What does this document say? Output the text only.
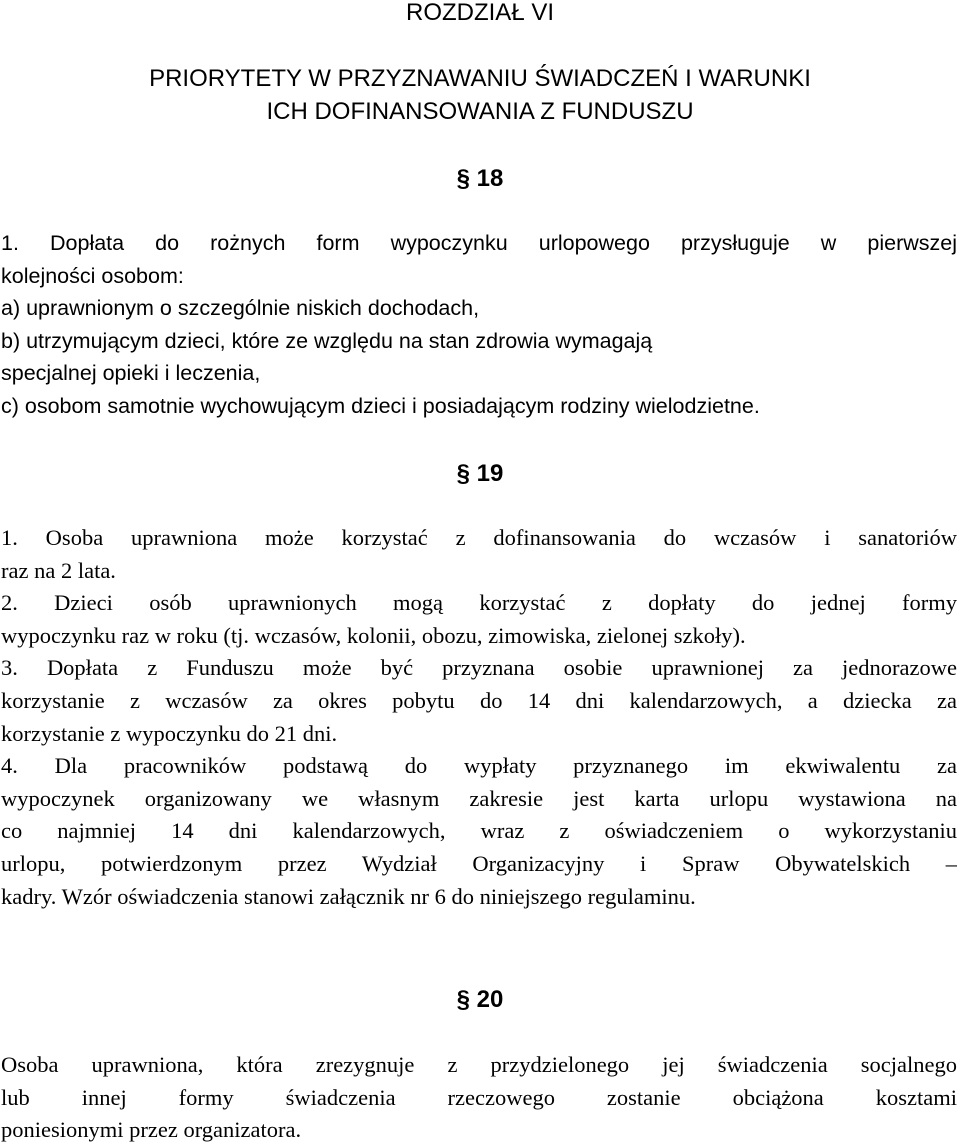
ROZDZIAŁ VI
PRIORYTETY W PRZYZNAWANIU ŚWIADCZEŃ I WARUNKI
ICH DOFINANSOWANIA Z FUNDUSZU
§ 18
1. Dopłata do rożnych form wypoczynku urlopowego przysługuje w pierwszej
kolejności osobom:
a) uprawnionym o szczególnie niskich dochodach,
b) utrzymującym dzieci, które ze względu na stan zdrowia wymagają
specjalnej opieki i leczenia,
c) osobom samotnie wychowującym dzieci i posiadającym rodziny wielodzietne.
§ 19
1. Osoba uprawniona może korzystać z dofinansowania do wczasów i sanatoriów
raz na 2 lata.
2. Dzieci osób uprawnionych mogą korzystać z dopłaty do jednej formy
wypoczynku raz w roku (tj. wczasów, kolonii, obozu, zimowiska, zielonej szkoły).
3. Dopłata z Funduszu może być przyznana osobie uprawnionej za jednorazowe
korzystanie z wczasów za okres pobytu do 14 dni kalendarzowych, a dziecka za
korzystanie z wypoczynku do 21 dni.
4. Dla pracowników podstawą do wypłaty przyznanego im ekwiwalentu za
wypoczynek organizowany we własnym zakresie jest karta urlopu wystawiona na
co najmniej 14 dni kalendarzowych, wraz z oświadczeniem o wykorzystaniu
urlopu, potwierdzonym przez Wydział Organizacyjny i Spraw Obywatelskich –
kadry. Wzór oświadczenia stanowi załącznik nr 6 do niniejszego regulaminu.
§ 20
Osoba uprawniona, która zrezygnuje z przydzielonego jej świadczenia socjalnego
lub innej formy świadczenia rzeczowego zostanie obciążona kosztami
poniesionymi przez organizatora.
